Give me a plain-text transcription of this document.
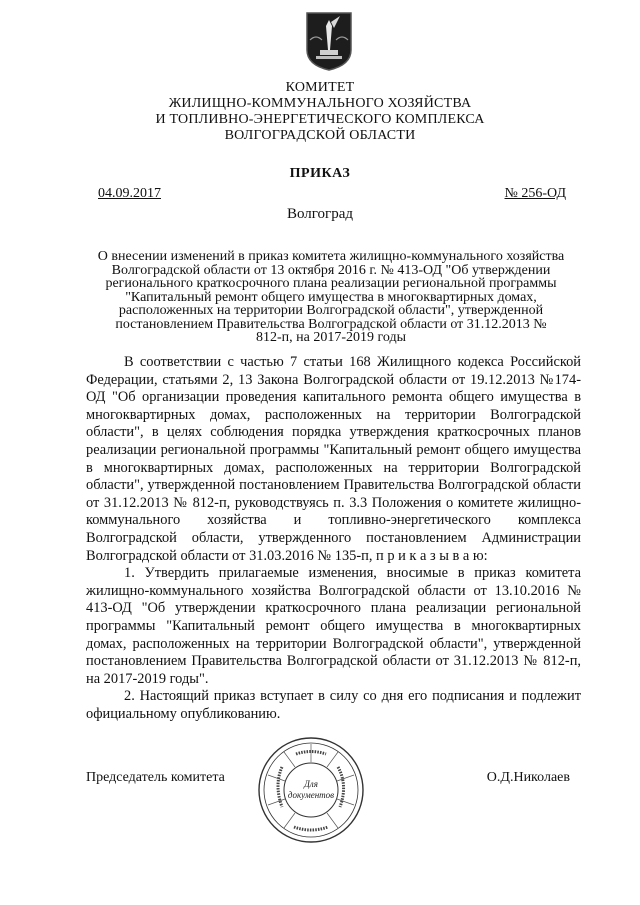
КОМИТЕТ
ЖИЛИЩНО-КОММУНАЛЬНОГО ХОЗЯЙСТВА
И ТОПЛИВНО-ЭНЕРГЕТИЧЕСКОГО КОМПЛЕКСА
ВОЛГОГРАДСКОЙ ОБЛАСТИ
ПРИКАЗ
04.09.2017	№ 256-ОД
Волгоград
О внесении изменений в приказ комитета жилищно-коммунального хозяйства
Волгоградской области от 13 октября 2016 г. № 413-ОД "Об утверждении
регионального краткосрочного плана реализации региональной программы
"Капитальный ремонт общего имущества в многоквартирных домах,
расположенных на территории Волгоградской области", утвержденной
постановлением Правительства Волгоградской области от 31.12.2013 №
812-п, на 2017-2019 годы

В соответствии с частью 7 статьи 168 Жилищного кодекса Российской Федерации, статьями 2, 13 Закона Волгоградской области от 19.12.2013 №174-ОД "Об организации проведения капитального ремонта общего имущества в многоквартирных домах, расположенных на территории Волгоградской области", в целях соблюдения порядка утверждения краткосрочных планов реализации региональной программы "Капитальный ремонт общего имущества в многоквартирных домах, расположенных на территории Волгоградской области", утвержденной постановлением Правительства Волгоградской области от 31.12.2013 № 812-п, руководствуясь п. 3.3 Положения о комитете жилищно-коммунального хозяйства и топливно-энергетического комплекса Волгоградской области, утвержденного постановлением Администрации Волгоградской области от 31.03.2016 № 135-п, п р и к а з ы в а ю:

1. Утвердить прилагаемые изменения, вносимые в приказ комитета жилищно-коммунального хозяйства Волгоградской области от 13.10.2016 № 413-ОД "Об утверждении краткосрочного плана реализации региональной программы "Капитальный ремонт общего имущества в многоквартирных домах, расположенных на территории Волгоградской области", утвержденной постановлением Правительства Волгоградской области от 31.12.2013 № 812-п, на 2017-2019 годы".

2. Настоящий приказ вступает в силу со дня его подписания и подлежит официальному опубликованию.

Председатель комитета	Для
документов
О.Д.Николаев
